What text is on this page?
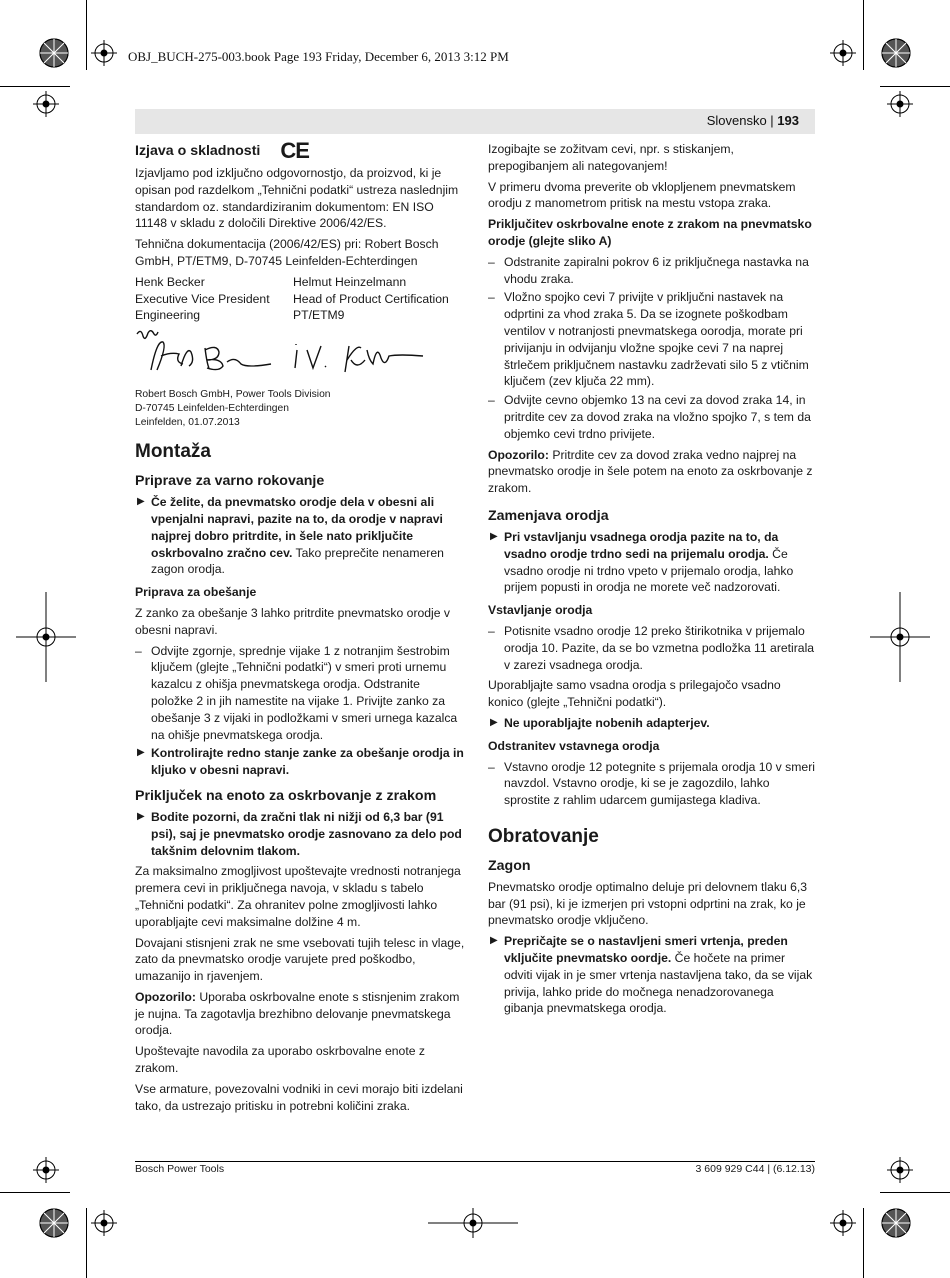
OBJ_BUCH-275-003.book Page 193 Friday, December 6, 2013 3:12 PM
Slovensko | 193
Izjava o skladnosti CE

Izjavljamo pod izključno odgovornostjo, da proizvod, ki je opisan pod razdelkom „Tehnični podatki“ ustreza naslednjim standardom oz. standardiziranim dokumentom: EN ISO 11148 v skladu z določili Direktive 2006/42/ES.

Tehnična dokumentacija (2006/42/ES) pri: Robert Bosch GmbH, PT/ETM9, D-70745 Leinfelden-Echterdingen

Henk Becker
Executive Vice President Engineering
Helmut Heinzelmann
Head of Product Certification PT/ETM9
Robert Bosch GmbH, Power Tools Division
D-70745 Leinfelden-Echterdingen
Leinfelden, 01.07.2013
Montaža
Priprave za varno rokovanje
▶ Če želite, da pnevmatsko orodje dela v obesni ali vpenjalni napravi, pazite na to, da orodje v napravi najprej dobro pritrdite, in šele nato priključite oskrbovalno zračno cev. Tako preprečite nenameren zagon orodja.
Priprava za obešanje

Z zanko za obešanje 3 lahko pritrdite pnevmatsko orodje v obesni napravi.

– Odvijte zgornje, sprednje vijake 1 z notranjim šestrobim ključem (glejte „Tehnični podatki“) v smeri proti urnemu kazalcu z ohišja pnevmatskega orodja. Odstranite položke 2 in jih namestite na vijake 1. Privijte zanko za obešanje 3 z vijaki in podložkami v smeri urnega kazalca na ohišje pnevmatskega orodja.
▶ Kontrolirajte redno stanje zanke za obešanje orodja in kljuko v obesni napravi.
Priključek na enoto za oskrbovanje z zrakom
▶ Bodite pozorni, da zračni tlak ni nižji od 6,3 bar (91 psi), saj je pnevmatsko orodje zasnovano za delo pod takšnim delovnim tlakom.

Za maksimalno zmogljivost upoštevajte vrednosti notranjega premera cevi in priključnega navoja, v skladu s tabelo „Tehnični podatki“. Za ohranitev polne zmogljivosti lahko uporabljajte cevi maksimalne dolžine 4 m.

Dovajani stisnjeni zrak ne sme vsebovati tujih telesc in vlage, zato da pnevmatsko orodje varujete pred poškodbo, umazanijo in rjavenjem.

Opozorilo: Uporaba oskrbovalne enote s stisnjenim zrakom je nujna. Ta zagotavlja brezhibno delovanje pnevmatskega orodja.

Upoštevajte navodila za uporabo oskrbovalne enote z zrakom.

Vse armature, povezovalni vodniki in cevi morajo biti izdelani tako, da ustrezajo pritisku in potrebni količini zraka.

Izogibajte se zožitvam cevi, npr. s stiskanjem, prepogibanjem ali nategovanjem!

V primeru dvoma preverite ob vklopljenem pnevmatskem orodju z manometrom pritisk na mestu vstopa zraka.

Priključitev oskrbovalne enote z zrakom na pnevmatsko orodje (glejte sliko A)
– Odstranite zapiralni pokrov 6 iz priključnega nastavka na vhodu zraka.
– Vložno spojko cevi 7 privijte v priključni nastavek na odprtini za vhod zraka 5. Da se izognete poškodbam ventilov v notranjosti pnevmatskega oorodja, morate pri privijanju in odvijanju vložne spojke cevi 7 na naprej štrlečem priključnem nastavku zadrževati silo 5 z vtičnim ključem (zev ključa 22 mm).
– Odvijte cevno objemko 13 na cevi za dovod zraka 14, in pritrdite cev za dovod zraka na vložno spojko 7, s tem da objemko cevi trdno privijete.

Opozorilo: Pritrdite cev za dovod zraka vedno najprej na pnevmatsko orodje in šele potem na enoto za oskrbovanje z zrakom.

Zamenjava orodja
▶ Pri vstavljanju vsadnega orodja pazite na to, da vsadno orodje trdno sedi na prijemalu orodja. Če vsadno orodje ni trdno vpeto v prijemalo orodja, lahko prijem popusti in orodja ne morete več nadzorovati.
Vstavljanje orodja
– Potisnite vsadno orodje 12 preko štirikotnika v prijemalo orodja 10. Pazite, da se bo vzmetna podložka 11 aretirala v zarezi vsadnega orodja.

Uporabljajte samo vsadna orodja s prilegajočo vsadno konico (glejte „Tehnični podatki“).

▶ Ne uporabljajte nobenih adapterjev.
Odstranitev vstavnega orodja
– Vstavno orodje 12 potegnite s prijemala orodja 10 v smeri navzdol. Vstavno orodje, ki se je zagozdilo, lahko sprostite z rahlim udarcem gumijastega kladiva.
Obratovanje
Zagon

Pnevmatsko orodje optimalno deluje pri delovnem tlaku 6,3 bar (91 psi), ki je izmerjen pri vstopni odprtini na zrak, ko je pnevmatsko orodje vključeno.

▶ Prepričajte se o nastavljeni smeri vrtenja, preden vključite pnevmatsko oordje. Če hočete na primer odviti vijak in je smer vrtenja nastavljena tako, da se vijak privija, lahko pride do močnega nenadzorovanega gibanja pnevmatskega orodja.
Bosch Power Tools	3 609 929 C44 | (6.12.13)
